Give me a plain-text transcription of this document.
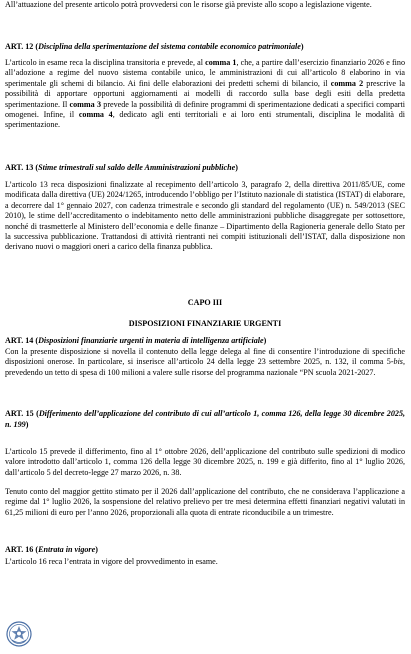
All’attuazione del presente articolo potrà provvedersi con le risorse già previste allo scopo a legislazione vigente.

ART. 12 (Disciplina della sperimentazione del sistema contabile economico patrimoniale)

L’articolo in esame reca la disciplina transitoria e prevede, al comma 1, che, a partire dall’esercizio finanziario 2026 e fino all’adozione a regime del nuovo sistema contabile unico, le amministrazioni di cui all’articolo 8 elaborino in via sperimentale gli schemi di bilancio. Ai fini delle elaborazioni dei predetti schemi di bilancio, il comma 2 prescrive la possibilità di apportare opportuni aggiornamenti ai modelli di raccordo sulla base degli esiti della predetta sperimentazione. Il comma 3 prevede la possibilità di definire programmi di sperimentazione dedicati a specifici comparti omogenei. Infine, il comma 4, dedicato agli enti territoriali e ai loro enti strumentali, disciplina le modalità di sperimentazione.

ART. 13 (Stime trimestrali sul saldo delle Amministrazioni pubbliche)

L’articolo 13 reca disposizioni finalizzate al recepimento dell’articolo 3, paragrafo 2, della direttiva 2011/85/UE, come modificata dalla direttiva (UE) 2024/1265, introducendo l’obbligo per l’Istituto nazionale di statistica (ISTAT) di elaborare, a decorrere dal 1° gennaio 2027, con cadenza trimestrale e secondo gli standard del regolamento (UE) n. 549/2013 (SEC 2010), le stime dell’accreditamento o indebitamento netto delle amministrazioni pubbliche disaggregate per sottosettore, nonché di trasmetterle al Ministero dell’economia e delle finanze – Dipartimento della Ragioneria generale dello Stato per la successiva pubblicazione. Trattandosi di attività rientranti nei compiti istituzionali dell’ISTAT, dalla disposizione non derivano nuovi o maggiori oneri a carico della finanza pubblica.

CAPO III

DISPOSIZIONI FINANZIARIE URGENTI

ART. 14 (Disposizioni finanziarie urgenti in materia di intelligenza artificiale)

Con la presente disposizione si novella il contenuto della legge delega al fine di consentire l’introduzione di specifiche disposizioni onerose. In particolare, si inserisce all’articolo 24 della legge 23 settembre 2025, n. 132, il comma 5-bis, prevedendo un tetto di spesa di 100 milioni a valere sulle risorse del programma nazionale “PN scuola 2021-2027.

ART. 15 (Differimento dell’applicazione del contributo di cui all’articolo 1, comma 126, della legge 30 dicembre 2025, n. 199)

L’articolo 15 prevede il differimento, fino al 1° ottobre 2026, dell’applicazione del contributo sulle spedizioni di modico valore introdotto dall’articolo 1, comma 126 della legge 30 dicembre 2025, n. 199 e già differito, fino al 1° luglio 2026, dall’articolo 5 del decreto-legge 27 marzo 2026, n. 38.

Tenuto conto del maggior gettito stimato per il 2026 dall’applicazione del contributo, che ne considerava l’applicazione a regime dal 1° luglio 2026, la sospensione del relativo prelievo per tre mesi determina effetti finanziari negativi valutati in 61,25 milioni di euro per l’anno 2026, proporzionali alla quota di entrate riconducibile a un trimestre.

ART. 16 (Entrata in vigore)

L’articolo 16 reca l’entrata in vigore del provvedimento in esame.
